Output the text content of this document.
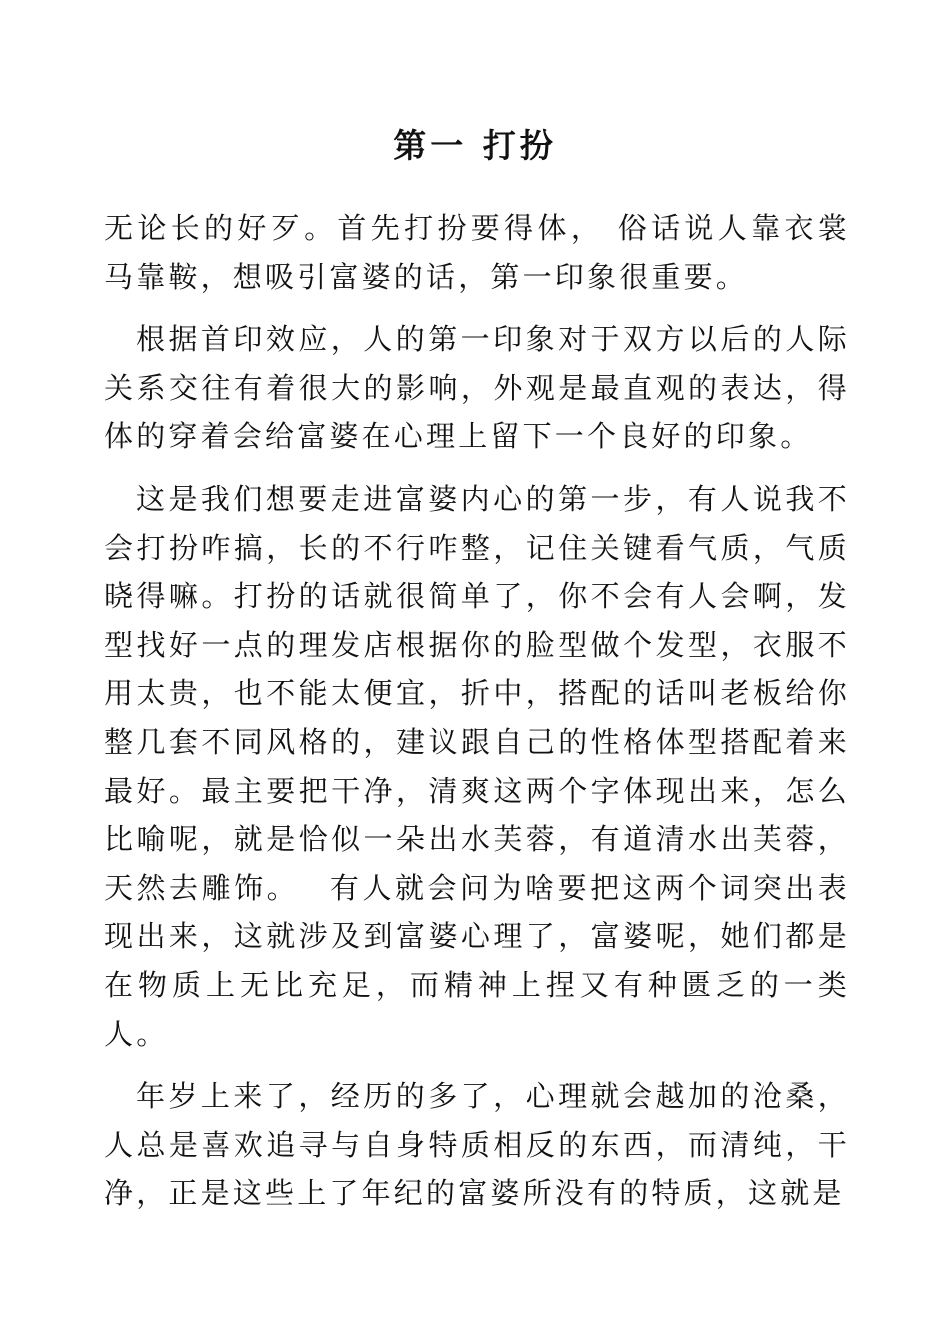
第一 打扮

无论长的好歹。首先打扮要得体， 俗话说人靠衣裳马靠鞍，想吸引富婆的话，第一印象很重要。

根据首印效应，人的第一印象对于双方以后的人际关系交往有着很大的影响，外观是最直观的表达，得体的穿着会给富婆在心理上留下一个良好的印象。

这是我们想要走进富婆内心的第一步，有人说我不会打扮咋搞，长的不行咋整，记住关键看气质，气质晓得嘛。打扮的话就很简单了，你不会有人会啊，发型找好一点的理发店根据你的脸型做个发型，衣服不用太贵，也不能太便宜，折中，搭配的话叫老板给你整几套不同风格的，建议跟自己的性格体型搭配着来最好。最主要把干净，清爽这两个字体现出来，怎么比喻呢，就是恰似一朵出水芙蓉，有道清水出芙蓉，天然去雕饰。　 有人就会问为啥要把这两个词突出表现出来，这就涉及到富婆心理了，富婆呢，她们都是在物质上无比充足，而精神上捏又有种匮乏的一类人。

年岁上来了，经历的多了，心理就会越加的沧桑，人总是喜欢追寻与自身特质相反的东西，而清纯，干净，正是这些上了年纪的富婆所没有的特质，这就是
